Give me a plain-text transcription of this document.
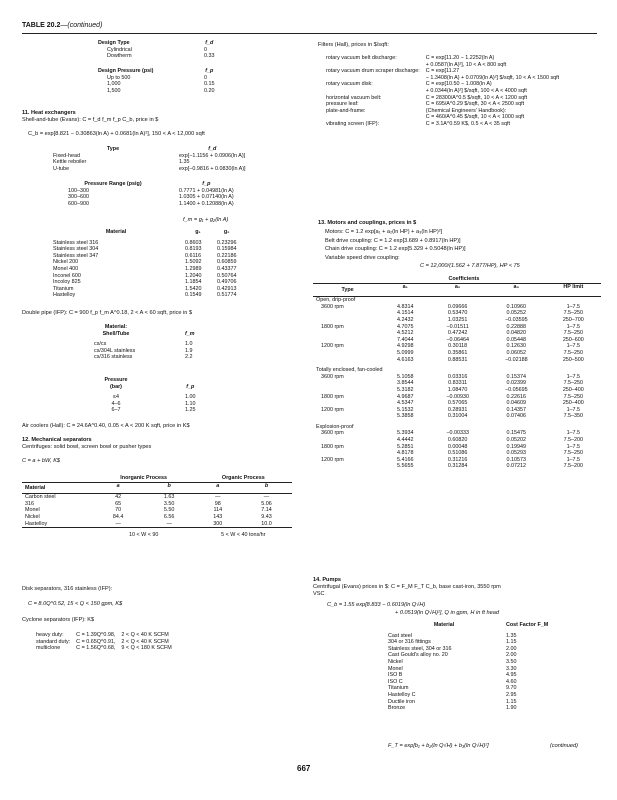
TABLE 20.2—(continued)
Design Type	f_d
Cylindrical	0
Dowtherm	0.33
Design Pressure (psi)	f_p
Up to 500	0
1,000	0.15
1,500	0.20
11. Heat exchangers
Shell-and-tube (Evans): C = f_d f_m f_p C_b, price in $
C_b = exp[8.821 − 0.30863(ln A) + 0.0681(ln A)²], 150 < A < 12,000 sqft
Type	f_d
Fixed-head	exp[−1.1156 + 0.0906(ln A)]
Kettle reboiler	1.35
U-tube	exp[−0.9816 + 0.0830(ln A)]
Pressure Range (psig)	f_p
100–300	0.7771 + 0.04981(ln A)
300–600	1.0305 + 0.07140(ln A)
600–900	1.1400 + 0.12088(ln A)
f_m = g₁ + g₂(ln A)
Material	g₁	g₂

Stainless steel 316	0.8603	0.23296
Stainless steel 304	0.8193	0.15984
Stainless steel 347	0.6116	0.22186
Nickel 200	1.5092	0.60859
Monel 400	1.2989	0.43377
Inconel 600	1.2040	0.50764
Incoloy 825	1.1854	0.49706
Titanium	1.5420	0.42913
Hastelloy	0.1549	0.51774
Double pipe (IFP): C = 900 f_p f_m A^0.18, 2 < A < 60 sqft, price in $
Material:	
Shell/Tube	f_m

cs/cs	1.0
cs/304L stainless	1.9
cs/316 stainless	2.2
Pressure	
(bar)	f_p

≤4	1.00
4–6	1.10
6–7	1.25
Air coolers (Hall): C = 24.6A^0.40, 0.05 < A < 200 K sqft, price in K$
12. Mechanical separators
Centrifuges: solid bowl, screen bowl or pusher types
C = a + bW, K$
	Inorganic Process		Organic Process	
Material	a	b	a	b
Carbon steel	42	1.63	—	—
316	65	3.50	98	5.06
Monel	70	5.50	114	7.14
Nickel	84.4	6.56	143	9.43
Hastelloy	—	—	300	10.0
	10 < W < 90		5 < W < 40 tons/hr	
Disk separators, 316 stainless (IFP):
C = 8.0Q^0.52, 15 < Q < 150 gpm, K$
Cyclone separators (IFP): K$
heavy duty:	C = 1.39Q^0.98,	2 < Q < 40 K SCFM
standard duty:	C = 0.65Q^0.91,	2 < Q < 40 K SCFM
multiclone	C = 1.56Q^0.68,	9 < Q < 180 K SCFM
Filters (Hall), prices in $/sqft:
rotary vacuum belt discharge:	C = exp[11.20 − 1.2252(ln A)
	+ 0.0587(ln A)²], 10 < A < 800 sqft
rotary vacuum drum scraper discharge:	C = exp[11.27
	− 1.3408(ln A) + 0.0709(ln A)²] $/sqft, 10 < A < 1500 sqft
rotary vacuum disk:	C = exp[10.50 − 1.008(ln A)
	+ 0.0344(ln A)²] $/sqft, 100 < A < 4000 sqft
horizontal vacuum belt:	C = 28300/A^0.5 $/sqft, 10 < A < 1200 sqft
pressure leaf:	C = 695/A^0.29 $/sqft, 30 < A < 2500 sqft
plate-and-frame:	(Chemical Engineers' Handbook):
	C = 460/A^0.45 $/sqft, 10 < A < 1000 sqft
vibrating screen (IFP):	C = 3.1A^0.59 K$, 0.5 < A < 35 sqft
13. Motors and couplings, prices in $
Motors: C = 1.2 exp[a₁ + a₂(ln HP) + a₃(ln HP)²]
Belt drive coupling: C = 1.2 exp[3.689 + 0.8917(ln HP)]
Chain drive coupling: C = 1.2 exp[5.329 + 0.5048(ln HP)]
Variable speed drive coupling:
C = 12,000/(1.562 + 7.877/HP), HP < 75
	Coefficients			
Type	a₁	a₂	a₃	HP limit
Open, drip-proof				
3600 rpm	4.8314	0.09666	0.10960	1–7.5
	4.1514	0.53470	0.05252	7.5–250
	4.2432	1.03251	−0.03595	250–700
1800 rpm	4.7075	−0.01511	0.22888	1–7.5
	4.5212	0.47242	0.04820	7.5–250
	7.4044	−0.06464	0.05448	250–600
1200 rpm	4.9298	0.30118	0.12630	1–7.5
	5.0999	0.35861	0.06052	7.5–250
	4.6163	0.88531	−0.02188	250–500
Totally enclosed, fan-cooled				
3600 rpm	5.1058	0.03316	0.15374	1–7.5
	3.8544	0.83311	0.02399	7.5–250
	5.3182	1.08470	−0.05695	250–400
1800 rpm	4.9687	−0.00930	0.22616	7.5–250
	4.5347	0.57065	0.04609	250–400
1200 rpm	5.1532	0.28931	0.14357	1–7.5
	5.3858	0.31004	0.07406	7.5–350
Explosion-proof				
3600 rpm	5.3934	−0.00333	0.15475	1–7.5
	4.4442	0.60820	0.05202	7.5–200
1800 rpm	5.2851	0.00048	0.19949	1–7.5
	4.8178	0.51086	0.05293	7.5–250
1200 rpm	5.4166	0.31216	0.10573	1–7.5
	5.5655	0.31284	0.07212	7.5–200
14. Pumps
Centrifugal (Evans) prices in $: C = F_M F_T C_b, base cast-iron, 3550 rpm
VSC
C_b = 1.55 exp[8.833 − 0.6019(ln Q√H)
+ 0.0519(ln Q√H)²], Q in gpm, H in ft head
Material	Cost Factor F_M

Cast steel	1.35
304 or 316 fittings	1.15
Stainless steel, 304 or 316	2.00
Cast Gould's alloy no. 20	2.00
Nickel	3.50
Monel	3.30
ISO B	4.95
ISO C	4.60
Titanium	9.70
Hastelloy C	2.95
Ductile iron	1.15
Bronze	1.90
F_T = exp[b₁ + b₂(ln Q√H) + b₃(ln Q√H)²]	(continued)
667
